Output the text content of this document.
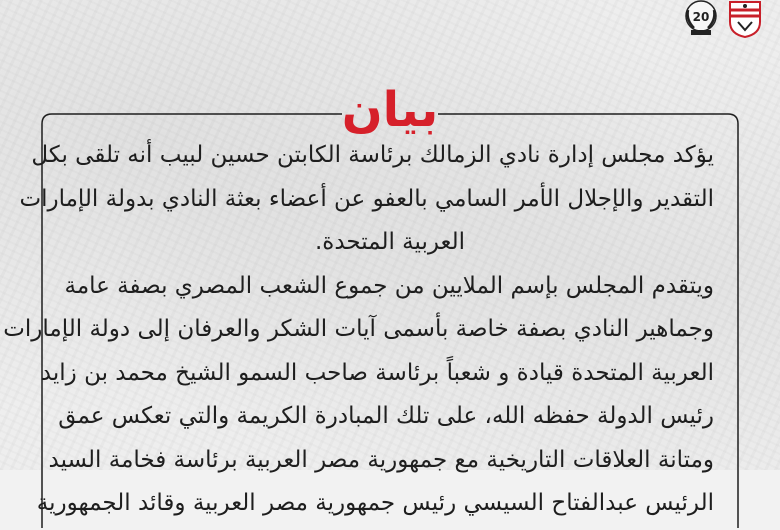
20
بيان

يؤكد مجلس إدارة نادي الزمالك برئاسة الكابتن حسين لبيب أنه تلقى بكل

التقدير والإجلال الأمر السامي بالعفو عن أعضاء بعثة النادي بدولة الإمارات

العربية المتحدة.

ويتقدم المجلس بإسم الملايين من جموع الشعب المصري بصفة عامة

وجماهير النادي بصفة خاصة بأسمى آيات الشكر والعرفان إلى دولة الإمارات

العربية المتحدة قيادة و شعباً برئاسة صاحب السمو الشيخ محمد بن زايد

رئيس الدولة حفظه الله، على تلك المبادرة الكريمة والتي تعكس عمق

ومتانة العلاقات التاريخية مع جمهورية مصر العربية برئاسة فخامة السيد

الرئيس عبدالفتاح السيسي رئيس جمهورية مصر العربية وقائد الجمهورية
